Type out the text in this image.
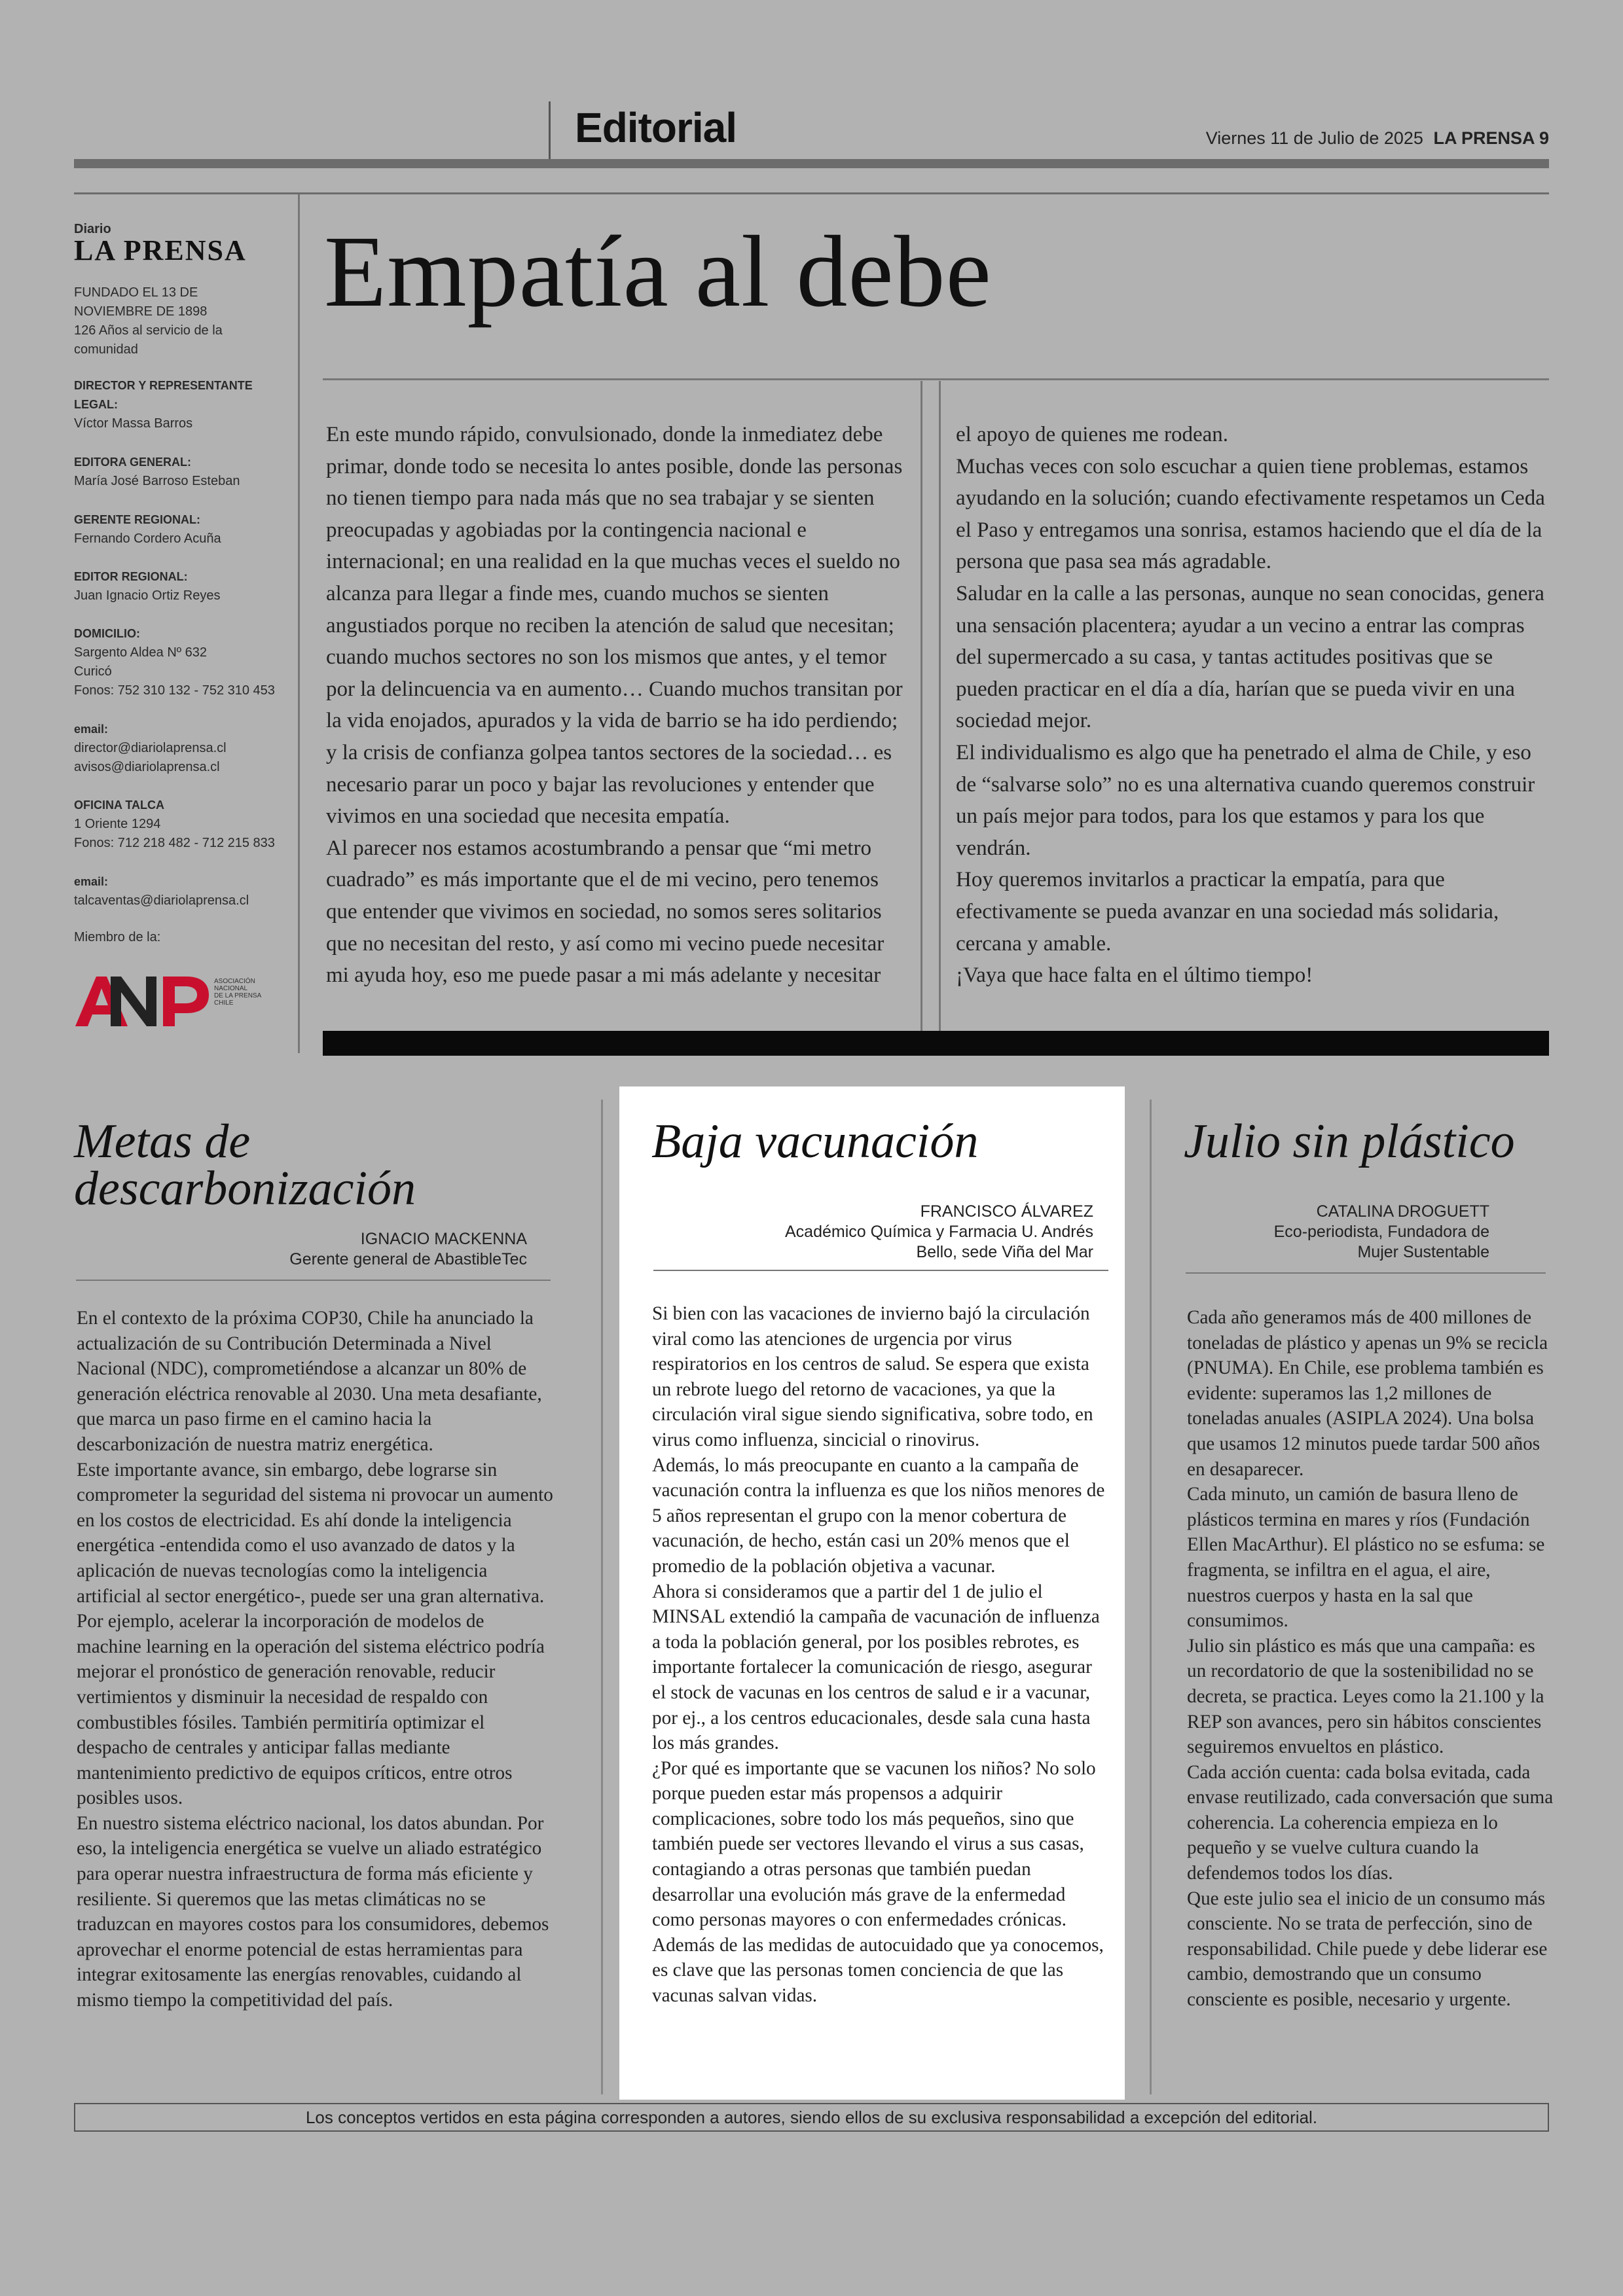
Editorial	Viernes 11 de Julio de 2025 LA PRENSA 9
Diario
LA PRENSA
FUNDADO EL 13 DE NOVIEMBRE DE 1898
126 Años al servicio de la comunidad
DIRECTOR Y REPRESENTANTE LEGAL:
Víctor Massa Barros
EDITORA GENERAL:
María José Barroso Esteban
GERENTE REGIONAL:
Fernando Cordero Acuña
EDITOR REGIONAL:
Juan Ignacio Ortiz Reyes
DOMICILIO:
Sargento Aldea Nº 632
Curicó
Fonos: 752 310 132 - 752 310 453
email:
director@diariolaprensa.cl
avisos@diariolaprensa.cl
OFICINA TALCA
1 Oriente 1294
Fonos: 712 218 482 - 712 215 833
email:
talcaventas@diariolaprensa.cl
Miembro de la:
ASOCIACIÓN NACIONAL DE LA PRENSA CHILE
Empatía al debe

En este mundo rápido, convulsionado, donde la inmediatez debe primar, donde todo se necesita lo antes posible, donde las personas no tienen tiempo para nada más que no sea trabajar y se sienten preocupadas y agobiadas por la contingencia nacional e internacional; en una realidad en la que muchas veces el sueldo no alcanza para llegar a finde mes, cuando muchos se sienten angustiados porque no reciben la atención de salud que necesitan; cuando muchos sectores no son los mismos que antes, y el temor por la delincuencia va en aumento… Cuando muchos transitan por la vida enojados, apurados y la vida de barrio se ha ido perdiendo; y la crisis de confianza golpea tantos sectores de la sociedad… es necesario parar un poco y bajar las revoluciones y entender que vivimos en una sociedad que necesita empatía.

Al parecer nos estamos acostumbrando a pensar que “mi metro cuadrado” es más importante que el de mi vecino, pero tenemos que entender que vivimos en sociedad, no somos seres solitarios que no necesitan del resto, y así como mi vecino puede necesitar mi ayuda hoy, eso me puede pasar a mi más adelante y necesitar

el apoyo de quienes me rodean.

Muchas veces con solo escuchar a quien tiene problemas, estamos ayudando en la solución; cuando efectivamente respetamos un Ceda el Paso y entregamos una sonrisa, estamos haciendo que el día de la persona que pasa sea más agradable.

Saludar en la calle a las personas, aunque no sean conocidas, genera una sensación placentera; ayudar a un vecino a entrar las compras del supermercado a su casa, y tantas actitudes positivas que se pueden practicar en el día a día, harían que se pueda vivir en una sociedad mejor.

El individualismo es algo que ha penetrado el alma de Chile, y eso de “salvarse solo” no es una alternativa cuando queremos construir un país mejor para todos, para los que estamos y para los que vendrán.

Hoy queremos invitarlos a practicar la empatía, para que efectivamente se pueda avanzar en una sociedad más solidaria, cercana y amable.

¡Vaya que hace falta en el último tiempo!

Metas de descarbonización
IGNACIO MACKENNA
Gerente general de AbastibleTec

En el contexto de la próxima COP30, Chile ha anunciado la actualización de su Contribución Determinada a Nivel Nacional (NDC), comprometiéndose a alcanzar un 80% de generación eléctrica renovable al 2030. Una meta desafiante, que marca un paso firme en el camino hacia la descarbonización de nuestra matriz energética.

Este importante avance, sin embargo, debe lograrse sin comprometer la seguridad del sistema ni provocar un aumento en los costos de electricidad. Es ahí donde la inteligencia energética -entendida como el uso avanzado de datos y la aplicación de nuevas tecnologías como la inteligencia artificial al sector energético-, puede ser una gran alternativa.

Por ejemplo, acelerar la incorporación de modelos de machine learning en la operación del sistema eléctrico podría mejorar el pronóstico de generación renovable, reducir vertimientos y disminuir la necesidad de respaldo con combustibles fósiles. También permitiría optimizar el despacho de centrales y anticipar fallas mediante mantenimiento predictivo de equipos críticos, entre otros posibles usos.

En nuestro sistema eléctrico nacional, los datos abundan. Por eso, la inteligencia energética se vuelve un aliado estratégico para operar nuestra infraestructura de forma más eficiente y resiliente. Si queremos que las metas climáticas no se traduzcan en mayores costos para los consumidores, debemos aprovechar el enorme potencial de estas herramientas para integrar exitosamente las energías renovables, cuidando al mismo tiempo la competitividad del país.

Baja vacunación
FRANCISCO ÁLVAREZ
Académico Química y Farmacia U. Andrés Bello, sede Viña del Mar

Si bien con las vacaciones de invierno bajó la circulación viral como las atenciones de urgencia por virus respiratorios en los centros de salud. Se espera que exista un rebrote luego del retorno de vacaciones, ya que la circulación viral sigue siendo significativa, sobre todo, en virus como influenza, sincicial o rinovirus.

Además, lo más preocupante en cuanto a la campaña de vacunación contra la influenza es que los niños menores de 5 años representan el grupo con la menor cobertura de vacunación, de hecho, están casi un 20% menos que el promedio de la población objetiva a vacunar.

Ahora si consideramos que a partir del 1 de julio el MINSAL extendió la campaña de vacunación de influenza a toda la población general, por los posibles rebrotes, es importante fortalecer la comunicación de riesgo, asegurar el stock de vacunas en los centros de salud e ir a vacunar, por ej., a los centros educacionales, desde sala cuna hasta los más grandes.

¿Por qué es importante que se vacunen los niños? No solo porque pueden estar más propensos a adquirir complicaciones, sobre todo los más pequeños, sino que también puede ser vectores llevando el virus a sus casas, contagiando a otras personas que también puedan desarrollar una evolución más grave de la enfermedad como personas mayores o con enfermedades crónicas.

Además de las medidas de autocuidado que ya conocemos, es clave que las personas tomen conciencia de que las vacunas salvan vidas.

Julio sin plástico
CATALINA DROGUETT
Eco-periodista, Fundadora de Mujer Sustentable

Cada año generamos más de 400 millones de toneladas de plástico y apenas un 9% se recicla (PNUMA). En Chile, ese problema también es evidente: superamos las 1,2 millones de toneladas anuales (ASIPLA 2024). Una bolsa que usamos 12 minutos puede tardar 500 años en desaparecer.

Cada minuto, un camión de basura lleno de plásticos termina en mares y ríos (Fundación Ellen MacArthur). El plástico no se esfuma: se fragmenta, se infiltra en el agua, el aire, nuestros cuerpos y hasta en la sal que consumimos.

Julio sin plástico es más que una campaña: es un recordatorio de que la sostenibilidad no se decreta, se practica. Leyes como la 21.100 y la REP son avances, pero sin hábitos conscientes seguiremos envueltos en plástico.

Cada acción cuenta: cada bolsa evitada, cada envase reutilizado, cada conversación que suma coherencia. La coherencia empieza en lo pequeño y se vuelve cultura cuando la defendemos todos los días.

Que este julio sea el inicio de un consumo más consciente. No se trata de perfección, sino de responsabilidad. Chile puede y debe liderar ese cambio, demostrando que un consumo consciente es posible, necesario y urgente.

Los conceptos vertidos en esta página corresponden a autores, siendo ellos de su exclusiva responsabilidad a excepción del editorial.
